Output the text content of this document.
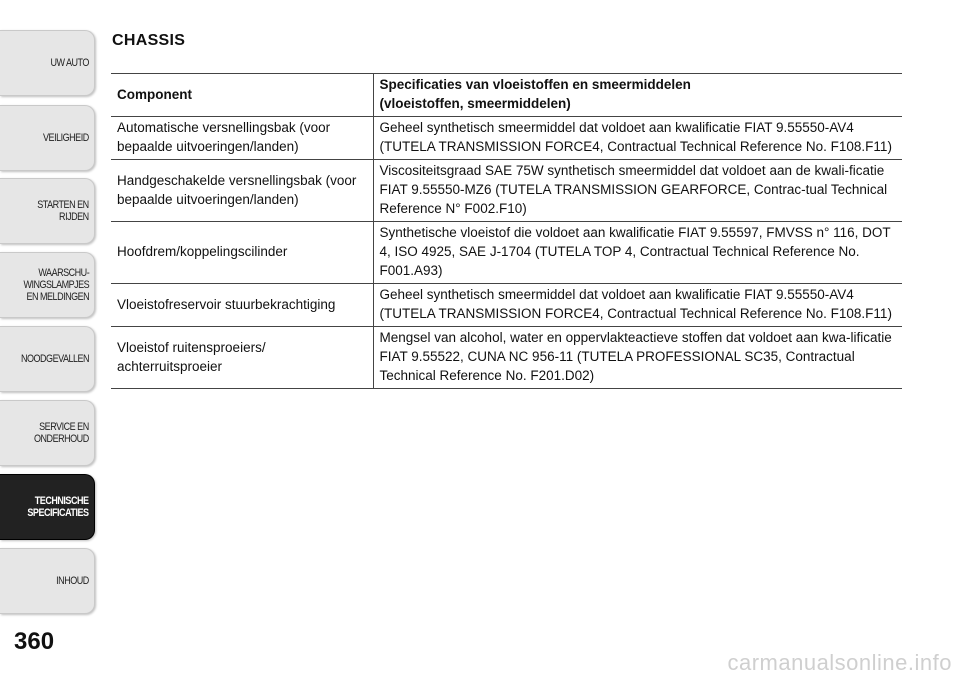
UW AUTO
VEILIGHEID
STARTEN EN
RIJDEN
WAARSCHU-
WINGSLAMPJES
EN MELDINGEN
NOODGEVALLEN
SERVICE EN
ONDERHOUD
TECHNISCHE
SPECIFICATIES
INHOUD
360
CHASSIS
Component	Specificaties van vloeistoffen en smeermiddelen
(vloeistoffen, smeermiddelen)
Automatische versnellingsbak (voor bepaalde uitvoeringen/landen)	Geheel synthetisch smeermiddel dat voldoet aan kwalificatie FIAT 9.55550-AV4 (TUTELA TRANSMISSION FORCE4, Contractual Technical Reference No. F108.F11)
Handgeschakelde versnellingsbak (voor bepaalde uitvoeringen/landen)	Viscositeitsgraad SAE 75W synthetisch smeermiddel dat voldoet aan de kwali-ficatie FIAT 9.55550-MZ6 (TUTELA TRANSMISSION GEARFORCE, Contrac-tual Technical Reference N° F002.F10)
Hoofdrem/koppelingscilinder	Synthetische vloeistof die voldoet aan kwalificatie FIAT 9.55597, FMVSS n° 116, DOT 4, ISO 4925, SAE J-1704 (TUTELA TOP 4, Contractual Technical Reference No. F001.A93)
Vloeistofreservoir stuurbekrachtiging	Geheel synthetisch smeermiddel dat voldoet aan kwalificatie FIAT 9.55550-AV4 (TUTELA TRANSMISSION FORCE4, Contractual Technical Reference No. F108.F11)
Vloeistof ruitensproeiers/ achterruitsproeier	Mengsel van alcohol, water en oppervlakteactieve stoffen dat voldoet aan kwa-lificatie FIAT 9.55522, CUNA NC 956-11 (TUTELA PROFESSIONAL SC35, Contractual Technical Reference No. F201.D02)
carmanualsonline.info
